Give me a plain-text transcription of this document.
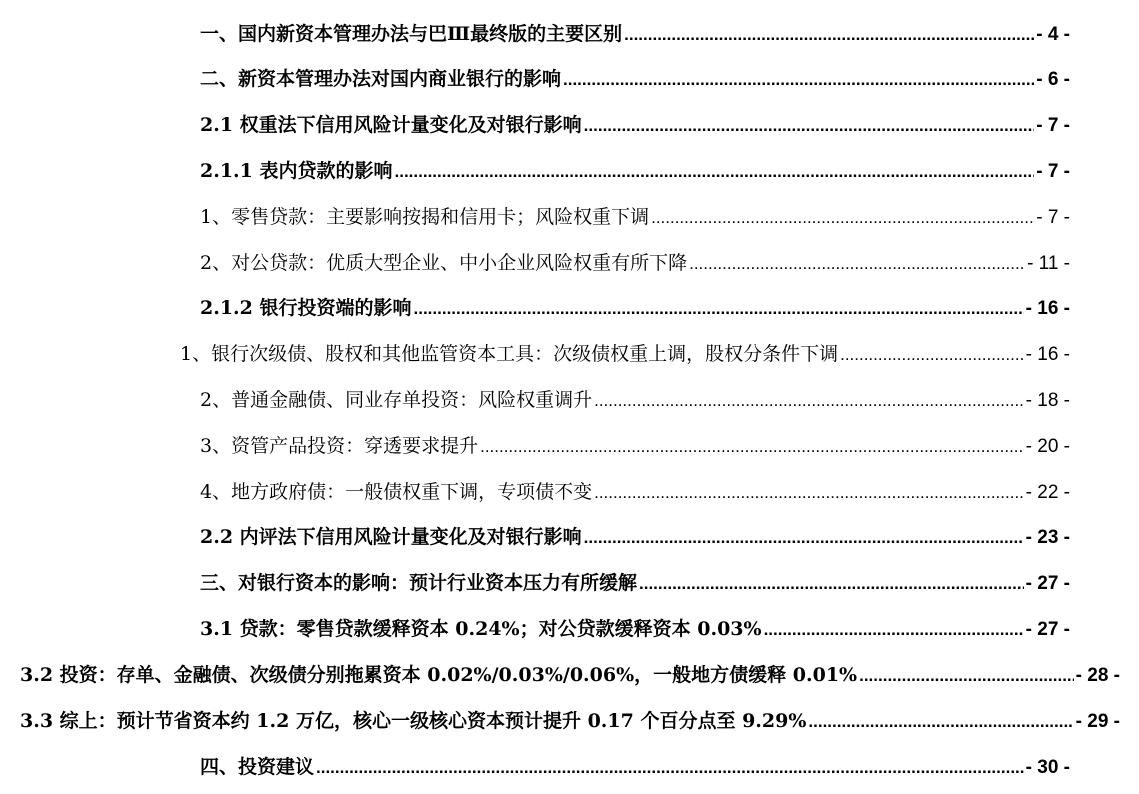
一、国内新资本管理办法与巴Ⅲ最终版的主要区别 .....	- 4 -
二、新资本管理办法对国内商业银行的影响 .....	- 6 -
2.1 权重法下信用风险计量变化及对银行影响 .....	- 7 -
2.1.1 表内贷款的影响 .....	- 7 -
1、零售贷款：主要影响按揭和信用卡；风险权重下调 .....	- 7 -
2、对公贷款：优质大型企业、中小企业风险权重有所下降 .....	- 11 -
2.1.2 银行投资端的影响 .....	- 16 -
1、银行次级债、股权和其他监管资本工具：次级债权重上调，股权分条件下调 .....	- 16 -
2、普通金融债、同业存单投资：风险权重调升 .....	- 18 -
3、资管产品投资：穿透要求提升 .....	- 20 -
4、地方政府债：一般债权重下调，专项债不变 .....	- 22 -
2.2 内评法下信用风险计量变化及对银行影响 .....	- 23 -
三、对银行资本的影响：预计行业资本压力有所缓解 .....	- 27 -
3.1 贷款：零售贷款缓释资本 0.24%；对公贷款缓释资本 0.03% .....	- 27 -
3.2 投资：存单、金融债、次级债分别拖累资本 0.02%/0.03%/0.06%，一般地方债缓释 0.01% .....	- 28 -
3.3 综上：预计节省资本约 1.2 万亿，核心一级核心资本预计提升 0.17 个百分点至 9.29% .....	- 29 -
四、投资建议 .....	- 30 -
